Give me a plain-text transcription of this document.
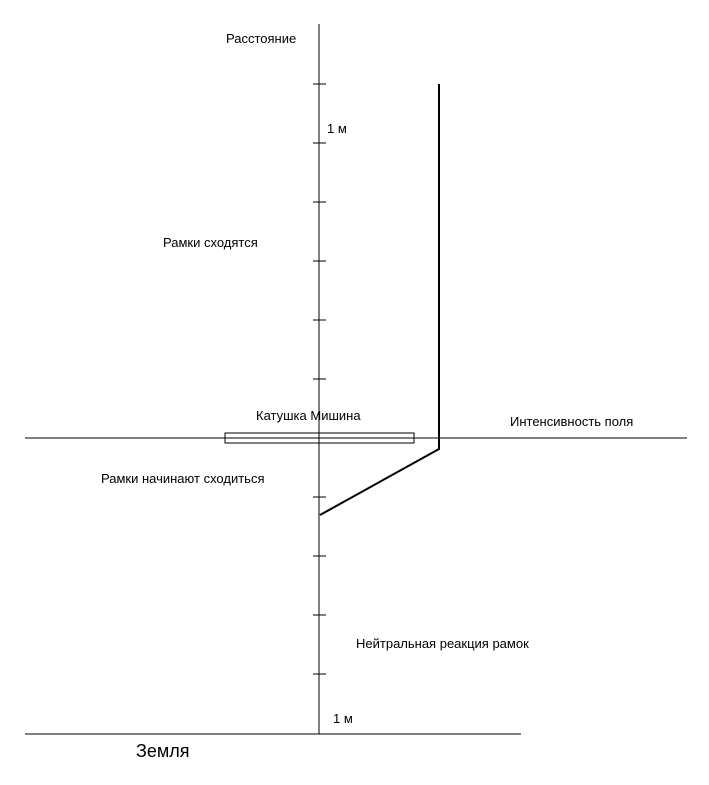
Расстояние
1 м
Рамки сходятся
Катушка Мишина	Интенсивность поля
Рамки начинают сходиться
Нейтральная реакция рамок
1 м
Земля
